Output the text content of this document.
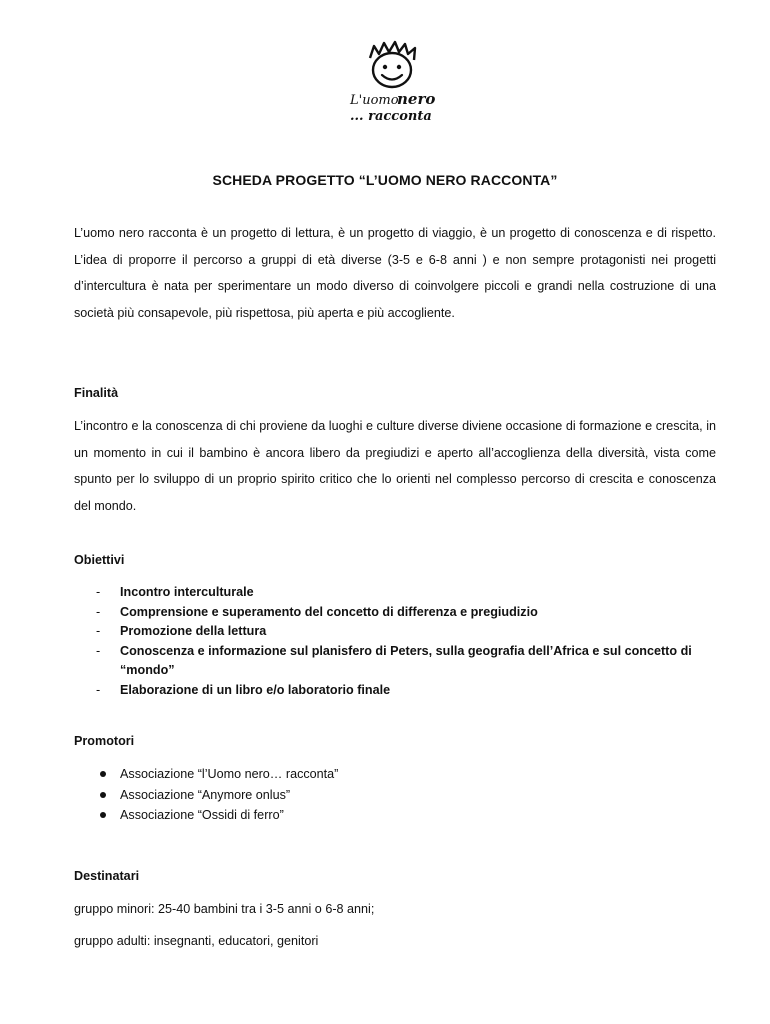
L'uomo
nero
... racconta
SCHEDA PROGETTO “L’UOMO NERO RACCONTA”

L’uomo nero racconta è un progetto di lettura, è un progetto di viaggio, è un progetto di conoscenza e di rispetto. L’idea di proporre il percorso a gruppi di età diverse (3-5 e 6-8 anni ) e non sempre protagonisti nei progetti d’intercultura è nata per sperimentare un modo diverso di coinvolgere piccoli e grandi nella costruzione di una società più consapevole, più rispettosa, più aperta e più accogliente.

Finalità

L’incontro e la conoscenza di chi proviene da luoghi e culture diverse diviene occasione di formazione e crescita, in un momento in cui il bambino è ancora libero da pregiudizi e aperto all’accoglienza della diversità, vista come spunto per lo sviluppo di un proprio spirito critico che lo orienti nel complesso percorso di crescita e conoscenza del mondo.

Obiettivi

- Incontro interculturale
- Comprensione e superamento del concetto di differenza e pregiudizio
- Promozione della lettura
- Conoscenza e informazione sul planisfero di Peters, sulla geografia dell’Africa e sul concetto di “mondo”
- Elaborazione di un libro e/o laboratorio finale

Promotori

Associazione “l’Uomo nero… racconta”
Associazione “Anymore onlus”
Associazione “Ossidi di ferro”

Destinatari

gruppo minori: 25-40 bambini tra i 3-5 anni o 6-8 anni;

gruppo adulti: insegnanti, educatori, genitori
